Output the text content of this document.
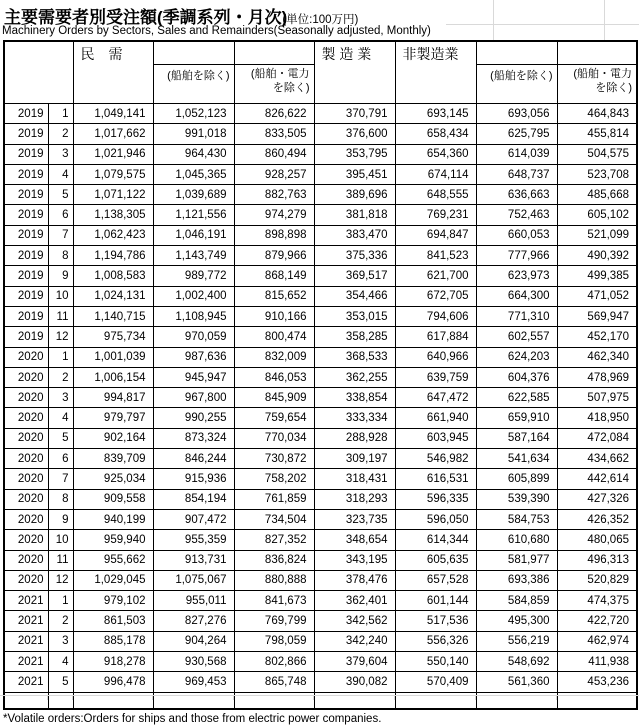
主要需要者別受注額(季調系列・月次)
(単位:100万円)
Machinery Orders by Sectors, Sales and Remainders(Seasonally adjusted, Monthly)
		民　需			製 造 業	非製造業		
			(船舶を除く)	(船舶・電力
を除く)			(船舶を除く)	(船舶・電力
を除く)

2019	1	1,049,141	1,052,123	826,622	370,791	693,145	693,056	464,843
2019	2	1,017,662	991,018	833,505	376,600	658,434	625,795	455,814
2019	3	1,021,946	964,430	860,494	353,795	654,360	614,039	504,575
2019	4	1,079,575	1,045,365	928,257	395,451	674,114	648,737	523,708
2019	5	1,071,122	1,039,689	882,763	389,696	648,555	636,663	485,668
2019	6	1,138,305	1,121,556	974,279	381,818	769,231	752,463	605,102
2019	7	1,062,423	1,046,191	898,898	383,470	694,847	660,053	521,099
2019	8	1,194,786	1,143,749	879,966	375,336	841,523	777,966	490,392
2019	9	1,008,583	989,772	868,149	369,517	621,700	623,973	499,385
2019	10	1,024,131	1,002,400	815,652	354,466	672,705	664,300	471,052
2019	11	1,140,715	1,108,945	910,166	353,015	794,606	771,310	569,947
2019	12	975,734	970,059	800,474	358,285	617,884	602,557	452,170
2020	1	1,001,039	987,636	832,009	368,533	640,966	624,203	462,340
2020	2	1,006,154	945,947	846,053	362,255	639,759	604,376	478,969
2020	3	994,817	967,800	845,909	338,854	647,472	622,585	507,975
2020	4	979,797	990,255	759,654	333,334	661,940	659,910	418,950
2020	5	902,164	873,324	770,034	288,928	603,945	587,164	472,084
2020	6	839,709	846,244	730,872	309,197	546,982	541,634	434,662
2020	7	925,034	915,936	758,202	318,431	616,531	605,899	442,614
2020	8	909,558	854,194	761,859	318,293	596,335	539,390	427,326
2020	9	940,199	907,472	734,504	323,735	596,050	584,753	426,352
2020	10	959,940	955,359	827,352	348,654	614,344	610,680	480,065
2020	11	955,662	913,731	836,824	343,195	605,635	581,977	496,313
2020	12	1,029,045	1,075,067	880,888	378,476	657,528	693,386	520,829
2021	1	979,102	955,011	841,673	362,401	601,144	584,859	474,375
2021	2	861,503	827,276	769,799	342,562	517,536	495,300	422,720
2021	3	885,178	904,264	798,059	342,240	556,326	556,219	462,974
2021	4	918,278	930,568	802,866	379,604	550,140	548,692	411,938
2021	5	996,478	969,453	865,748	390,082	570,409	561,360	453,236

*Volatile orders:Orders for ships and those from electric power companies.
